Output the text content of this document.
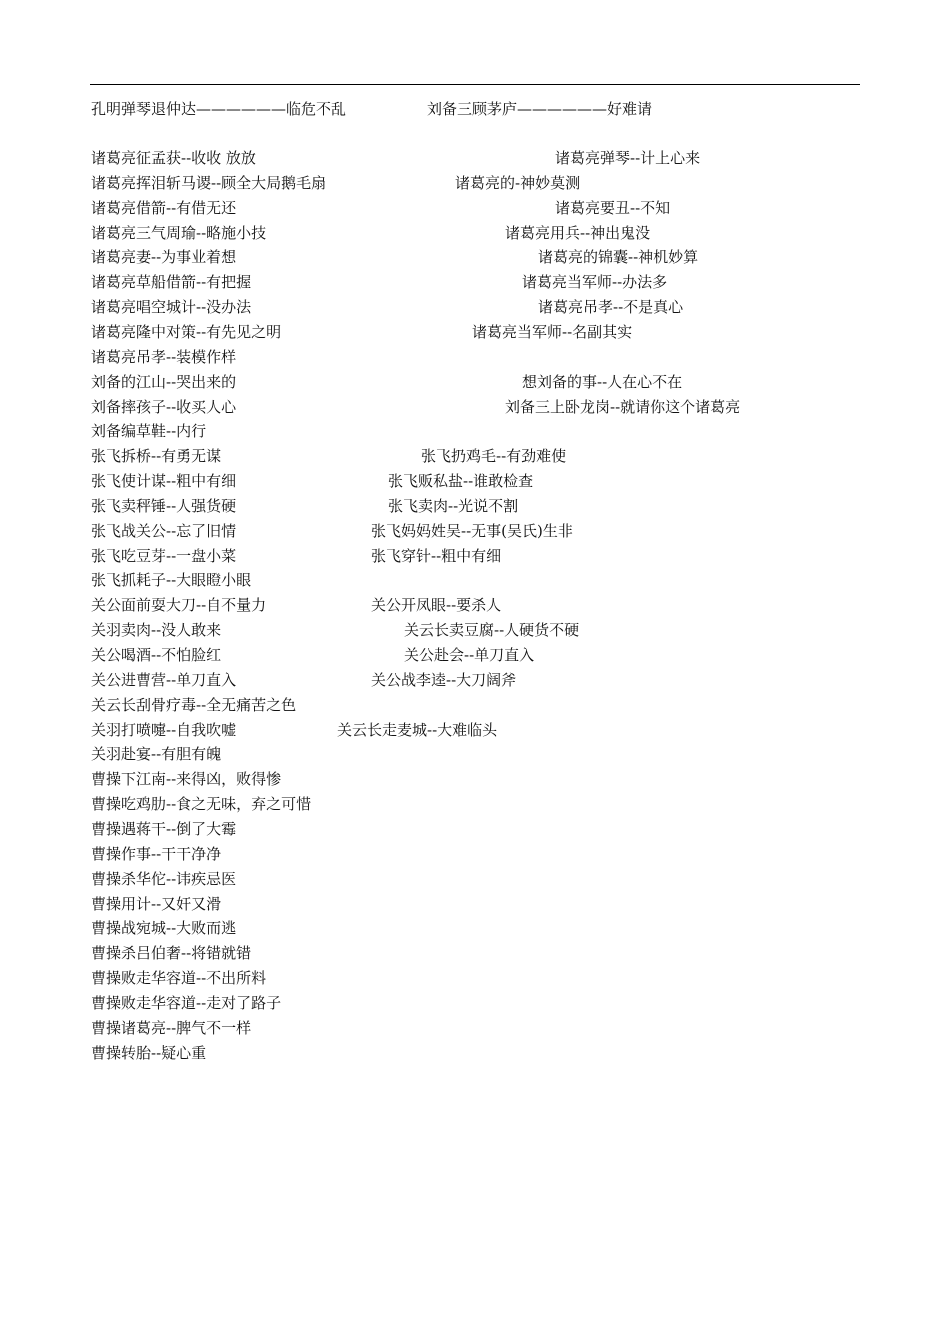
孔明弹琴退仲达——————临危不乱	刘备三顾茅庐——————好难请
诸葛亮征孟获--收收 放放	诸葛亮弹琴--计上心来
诸葛亮挥泪斩马谡--顾全大局鹅毛扇	诸葛亮的-神妙莫测
诸葛亮借箭--有借无还	诸葛亮要丑--不知
诸葛亮三气周瑜--略施小技	诸葛亮用兵--神出鬼没
诸葛亮妻--为事业着想	诸葛亮的锦囊--神机妙算
诸葛亮草船借箭--有把握	诸葛亮当军师--办法多
诸葛亮唱空城计--没办法	诸葛亮吊孝--不是真心
诸葛亮隆中对策--有先见之明	诸葛亮当军师--名副其实
诸葛亮吊孝--装模作样
刘备的江山--哭出来的	想刘备的事--人在心不在
刘备摔孩子--收买人心	刘备三上卧龙岗--就请你这个诸葛亮
刘备编草鞋--内行
张飞拆桥--有勇无谋	张飞扔鸡毛--有劲难使
张飞使计谋--粗中有细	张飞贩私盐--谁敢检查
张飞卖秤锤--人强货硬	张飞卖肉--光说不割
张飞战关公--忘了旧情	张飞妈妈姓吴--无事(吴氏)生非
张飞吃豆芽--一盘小菜	张飞穿针--粗中有细
张飞抓耗子--大眼瞪小眼
关公面前耍大刀--自不量力	关公开凤眼--要杀人
关羽卖肉--没人敢来	关云长卖豆腐--人硬货不硬
关公喝酒--不怕脸红	关公赴会--单刀直入
关公进曹营--单刀直入	关公战李逵--大刀阔斧
关云长刮骨疗毒--全无痛苦之色
关羽打喷嚏--自我吹嘘	关云长走麦城--大难临头
关羽赴宴--有胆有魄
曹操下江南--来得凶，败得惨
曹操吃鸡肋--食之无味，弃之可惜
曹操遇蒋干--倒了大霉
曹操作事--干干净净
曹操杀华佗--讳疾忌医
曹操用计--又奸又滑
曹操战宛城--大败而逃
曹操杀吕伯奢--将错就错
曹操败走华容道--不出所料
曹操败走华容道--走对了路子
曹操诸葛亮--脾气不一样
曹操转胎--疑心重
